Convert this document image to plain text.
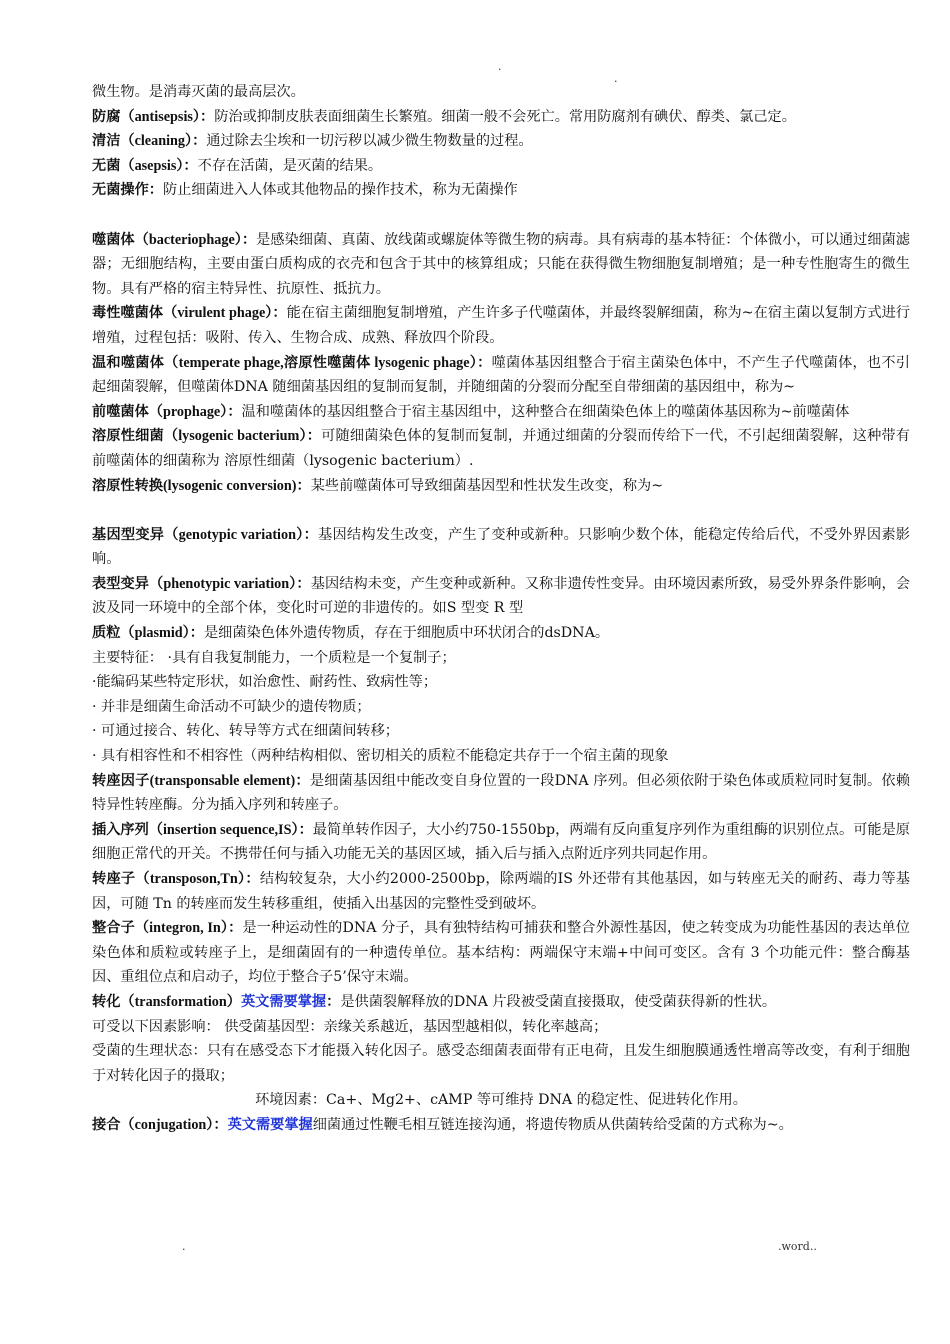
.
.

微生物。是消毒灭菌的最高层次。

防腐（antisepsis）：防治或抑制皮肤表面细菌生长繁殖。细菌一般不会死亡。常用防腐剂有碘伏、醇类、氯己定。

清洁（cleaning）：通过除去尘埃和一切污秽以减少微生物数量的过程。

无菌（asepsis）：不存在活菌，是灭菌的结果。

无菌操作：防止细菌进入人体或其他物品的操作技术，称为无菌操作

噬菌体（bacteriophage）：是感染细菌、真菌、放线菌或螺旋体等微生物的病毒。具有病毒的基本特征：个体微小，可以通过细菌滤器；无细胞结构，主要由蛋白质构成的衣壳和包含于其中的核算组成；只能在获得微生物细胞复制增殖；是一种专性胞寄生的微生物。具有严格的宿主特异性、抗原性、抵抗力。

毒性噬菌体（virulent phage）：能在宿主菌细胞复制增殖，产生许多子代噬菌体，并最终裂解细菌，称为~在宿主菌以复制方式进行增殖，过程包括：吸附、传入、生物合成、成熟、释放四个阶段。

温和噬菌体（temperate phage,溶原性噬菌体 lysogenic phage）：噬菌体基因组整合于宿主菌染色体中，不产生子代噬菌体，也不引起细菌裂解，但噬菌体DNA 随细菌基因组的复制而复制，并随细菌的分裂而分配至自带细菌的基因组中，称为~

前噬菌体（prophage）：温和噬菌体的基因组整合于宿主基因组中，这种整合在细菌染色体上的噬菌体基因称为~前噬菌体

溶原性细菌（lysogenic bacterium）：可随细菌染色体的复制而复制，并通过细菌的分裂而传给下一代，不引起细菌裂解，这种带有前噬菌体的细菌称为 溶原性细菌（lysogenic bacterium）.

溶原性转换(lysogenic conversion)：某些前噬菌体可导致细菌基因型和性状发生改变，称为~

基因型变异（genotypic variation）：基因结构发生改变，产生了变种或新种。只影响少数个体，能稳定传给后代，不受外界因素影响。

表型变异（phenotypic variation）：基因结构未变，产生变种或新种。又称非遗传性变异。由环境因素所致，易受外界条件影响，会波及同一环境中的全部个体，变化时可逆的非遗传的。如S 型变 R 型

质粒（plasmid）：是细菌染色体外遗传物质，存在于细胞质中环状闭合的dsDNA。

主要特征： ·具有自我复制能力，一个质粒是一个复制子；

·能编码某些特定形状，如治愈性、耐药性、致病性等；

· 并非是细菌生命活动不可缺少的遗传物质；

· 可通过接合、转化、转导等方式在细菌间转移；

· 具有相容性和不相容性（两种结构相似、密切相关的质粒不能稳定共存于一个宿主菌的现象

转座因子(transponsable element)：是细菌基因组中能改变自身位置的一段DNA 序列。但必须依附于染色体或质粒同时复制。依赖特异性转座酶。分为插入序列和转座子。

插入序列（insertion sequence,IS）：最简单转作因子，大小约750-1550bp，两端有反向重复序列作为重组酶的识别位点。可能是原细胞正常代的开关。不携带任何与插入功能无关的基因区域，插入后与插入点附近序列共同起作用。

转座子（transposon,Tn）：结构较复杂，大小约2000-2500bp，除两端的IS 外还带有其他基因，如与转座无关的耐药、毒力等基因，可随 Tn 的转座而发生转移重组，使插入出基因的完整性受到破坏。

整合子（integron, In）：是一种运动性的DNA 分子，具有独特结构可捕获和整合外源性基因，使之转变成为功能性基因的表达单位染色体和质粒或转座子上，是细菌固有的一种遗传单位。基本结构：两端保守末端+中间可变区。含有 3 个功能元件：整合酶基因、重组位点和启动子，均位于整合子5’保守末端。

转化（transformation）英文需要掌握：是供菌裂解释放的DNA 片段被受菌直接摄取，使受菌获得新的性状。

可受以下因素影响： 供受菌基因型：亲缘关系越近，基因型越相似，转化率越高；

受菌的生理状态：只有在感受态下才能摄入转化因子。感受态细菌表面带有正电荷，且发生细胞膜通透性增高等改变，有利于细胞于对转化因子的摄取；

环境因素：Ca+、Mg2+、cAMP 等可维持 DNA 的稳定性、促进转化作用。

接合（conjugation）：英文需要掌握细菌通过性鞭毛相互链连接沟通，将遗传物质从供菌转给受菌的方式称为~。

.	.word..
